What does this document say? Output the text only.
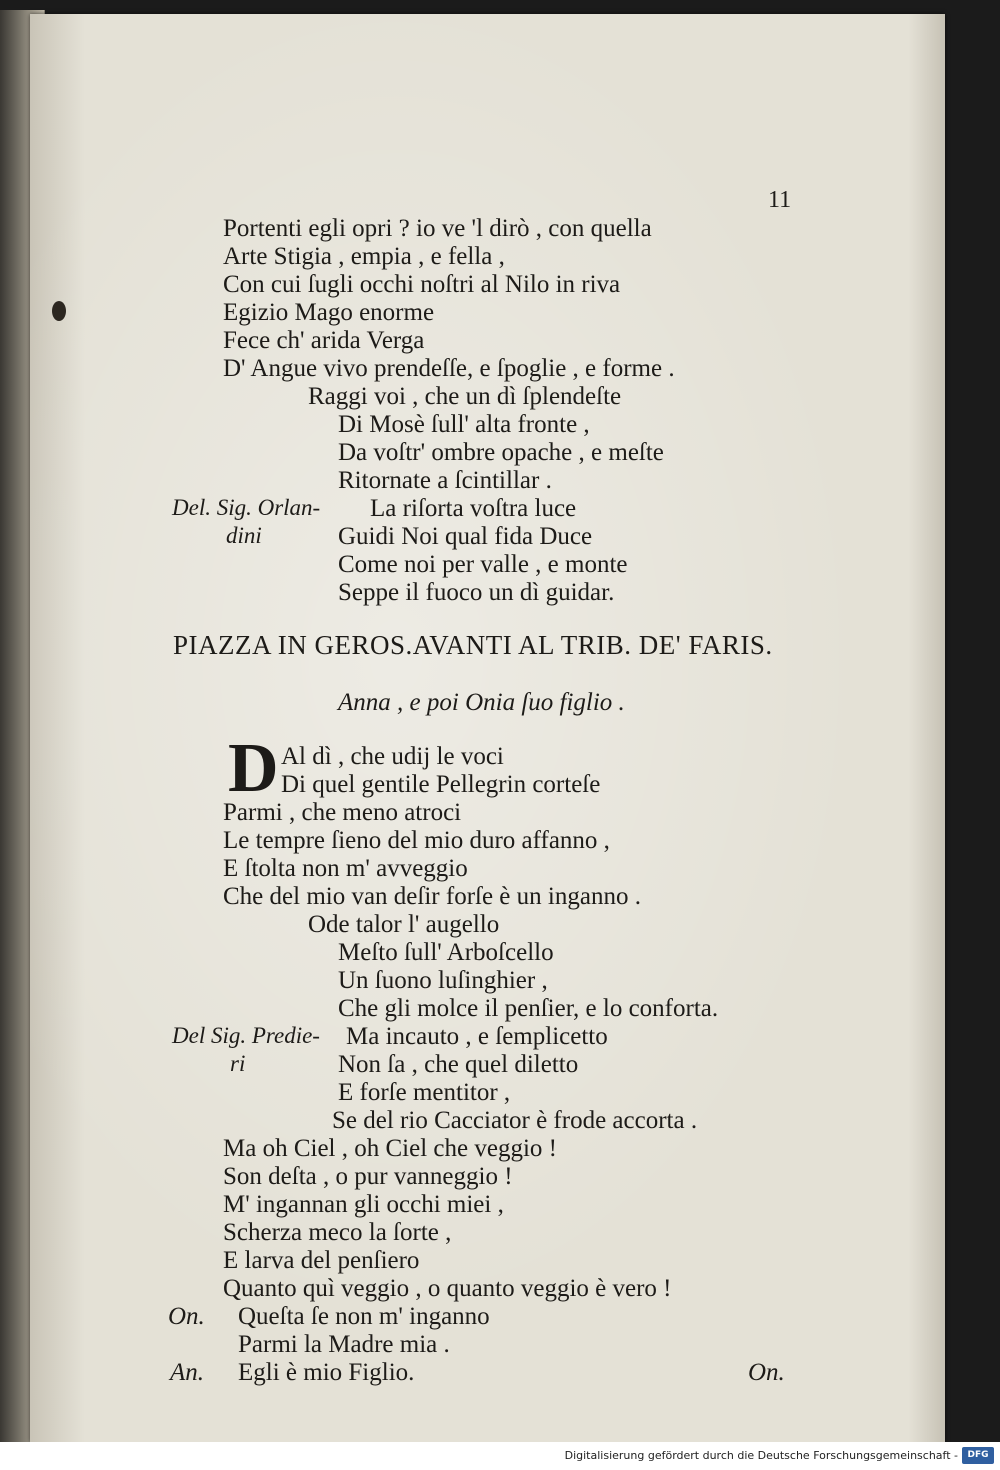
11
Portenti egli opri ? io ve 'l dirò , con quella
Arte Stigia , empia , e fella ,
Con cui ſugli occhi noſtri al Nilo in riva
Egizio Mago enorme
Fece ch' arida Verga
D' Angue vivo prendeſſe, e ſpoglie , e forme .
Raggi voi , che un dì ſplendeſte
Di Mosè ſull' alta fronte ,
Da voſtr' ombre opache , e meſte
Ritornate a ſcintillar .
Del. Sig. Orlan- La riſorta voſtra luce
dini	Guidi Noi qual fida Duce
Come noi per valle , e monte
Seppe il fuoco un dì guidar.
PIAZZA IN GEROS.AVANTI AL TRIB. DE' FARIS.
Anna , e poi Onia ſuo figlio .
D Al dì , che udij le voci
Di quel gentile Pellegrin corteſe
Parmi , che meno atroci
Le tempre ſieno del mio duro affanno ,
E ſtolta non m' avveggio
Che del mio van deſir forſe è un inganno .
Ode talor l' augello
Meſto ſull' Arboſcello
Un ſuono luſinghier ,
Che gli molce il penſier, e lo conforta.
Del Sig. Predie- Ma incauto , e ſemplicetto
ri	Non ſa , che quel diletto
E forſe mentitor ,
Se del rio Cacciator è frode accorta .
Ma oh Ciel , oh Ciel che veggio !
Son deſta , o pur vanneggio !
M' ingannan gli occhi miei ,
Scherza meco la ſorte ,
E larva del penſiero
Quanto quì veggio , o quanto veggio è vero !
On. Queſta ſe non m' inganno
Parmi la Madre mia .
An. Egli è mio Figlio.	On.
Digitalisierung gefördert durch die Deutsche Forschungsgemeinschaft -	DFG
